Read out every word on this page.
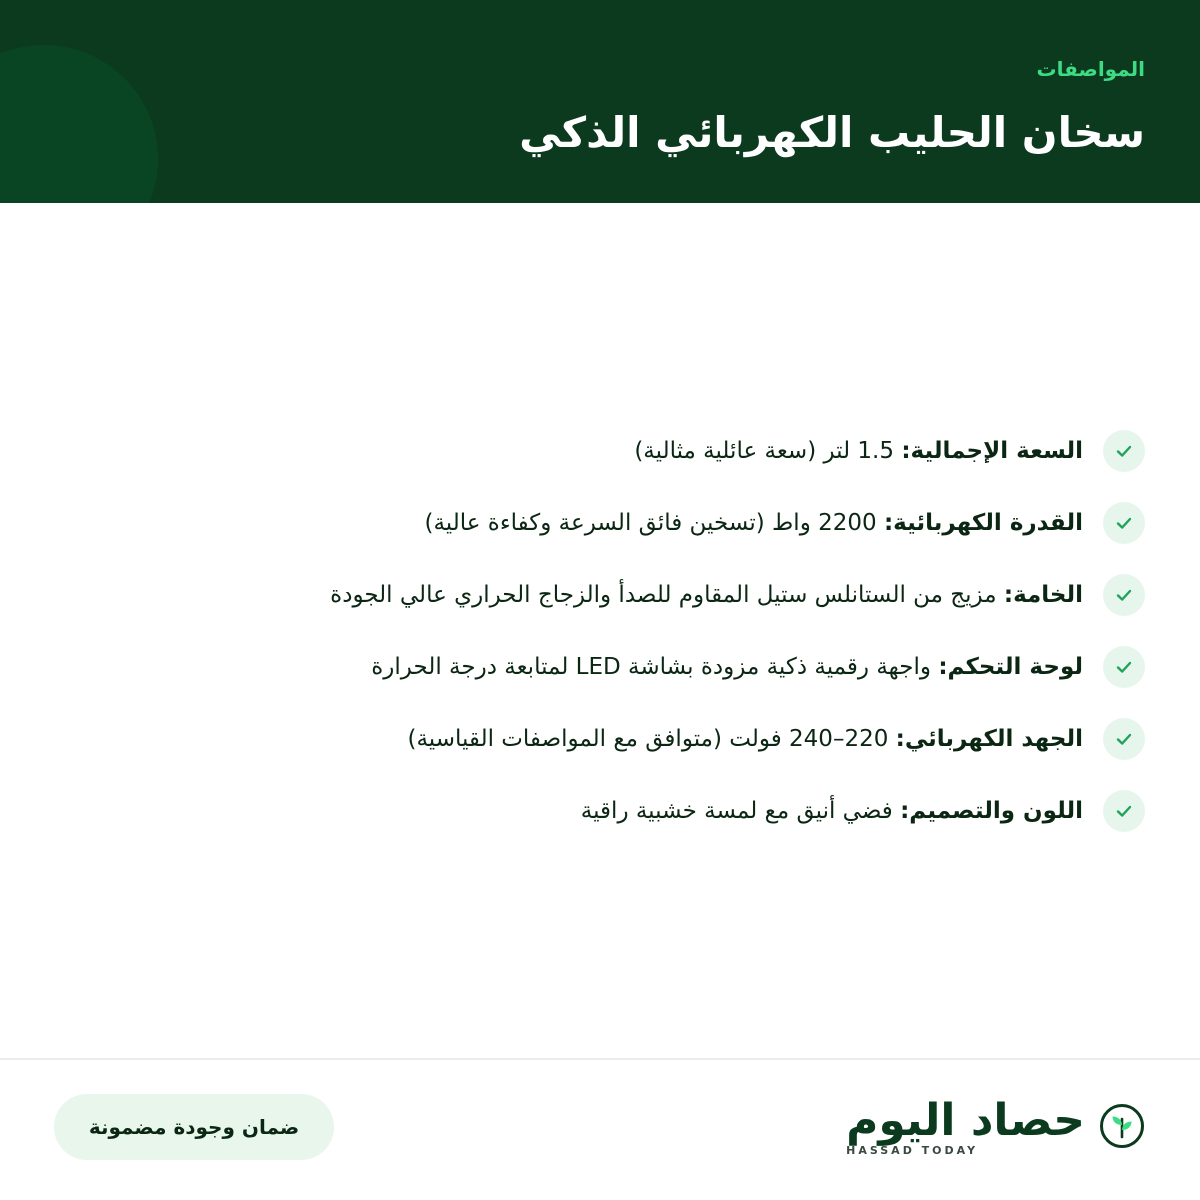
المواصفات
سخان الحليب الكهربائي الذكي
السعة الإجمالية: 1.5 لتر (سعة عائلية مثالية)
القدرة الكهربائية: 2200 واط (تسخين فائق السرعة وكفاءة عالية)
الخامة: مزيج من الستانلس ستيل المقاوم للصدأ والزجاج الحراري عالي الجودة
لوحة التحكم: واجهة رقمية ذكية مزودة بشاشة LED لمتابعة درجة الحرارة
الجهد الكهربائي: 220–240 فولت (متوافق مع المواصفات القياسية)
اللون والتصميم: فضي أنيق مع لمسة خشبية راقية
حصاد اليوم
HASSAD TODAY
ضمان وجودة مضمونة
